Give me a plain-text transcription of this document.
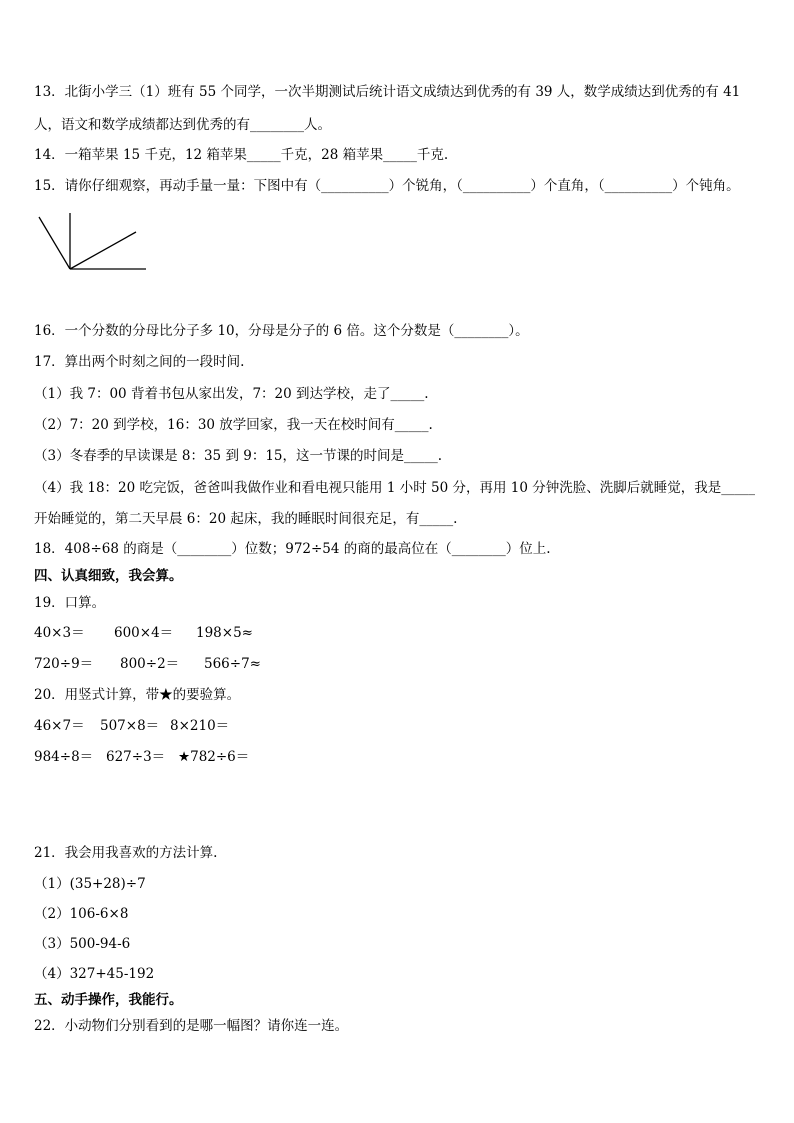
13．北街小学三（1）班有 55 个同学，一次半期测试后统计语文成绩达到优秀的有 39 人，数学成绩达到优秀的有 41
人，语文和数学成绩都达到优秀的有________人。
14．一箱苹果 15 千克，12 箱苹果_____千克，28 箱苹果_____千克.
15．请你仔细观察，再动手量一量：下图中有（__________）个锐角，（__________）个直角，（__________）个钝角。
16．一个分数的分母比分子多 10，分母是分子的 6 倍。这个分数是（________）。
17．算出两个时刻之间的一段时间.
（1）我 7：00 背着书包从家出发，7：20 到达学校，走了_____.
（2）7：20 到学校，16：30 放学回家，我一天在校时间有_____.
（3）冬春季的早读课是 8：35 到 9：15，这一节课的时间是_____.
（4）我 18：20 吃完饭，爸爸叫我做作业和看电视只能用 1 小时 50 分，再用 10 分钟洗脸、洗脚后就睡觉，我是_____
开始睡觉的，第二天早晨 6：20 起床，我的睡眠时间很充足，有_____.
18．408÷68 的商是（________）位数；972÷54 的商的最高位在（________）位上.
四、认真细致，我会算。
19．口算。
40×3＝ 600×4＝ 198×5≈
720÷9＝ 800÷2＝ 566÷7≈
20．用竖式计算，带★的要验算。
46×7＝ 507×8＝ 8×210＝
984÷8＝ 627÷3＝ ★782÷6＝
21．我会用我喜欢的方法计算.
（1）(35+28)÷7
（2）106-6×8
（3）500-94-6
（4）327+45-192
五、动手操作，我能行。
22．小动物们分别看到的是哪一幅图？请你连一连。
